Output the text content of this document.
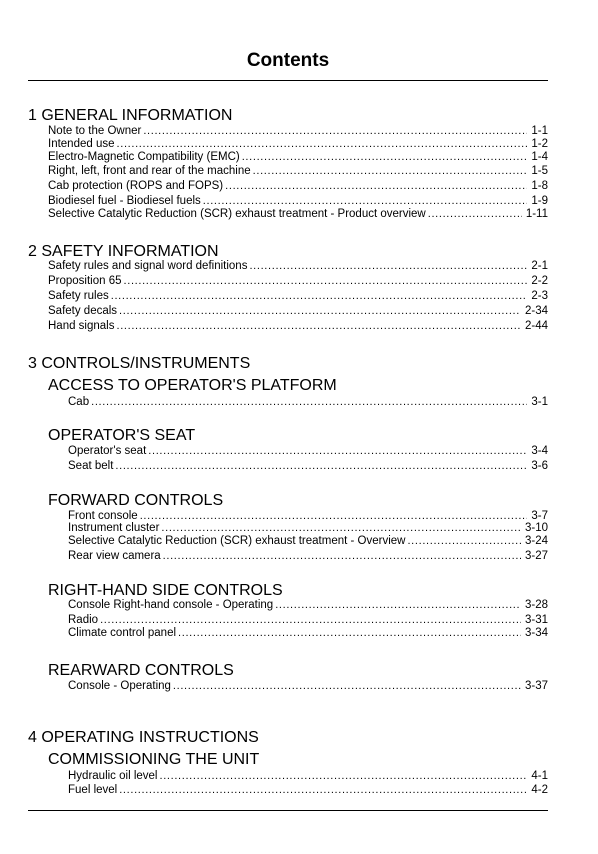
Contents
1 GENERAL INFORMATION
Note to the Owner . . .	1-1
Intended use . . .	1-2
Electro-Magnetic Compatibility (EMC) . . .	1-4
Right, left, front and rear of the machine . . .	1-5
Cab protection (ROPS and FOPS) . . .	1-8
Biodiesel fuel - Biodiesel fuels . . .	1-9
Selective Catalytic Reduction (SCR) exhaust treatment - Product overview . . .	1-11
2 SAFETY INFORMATION
Safety rules and signal word definitions . . .	2-1
Proposition 65 . . .	2-2
Safety rules . . .	2-3
Safety decals . . .	2-34
Hand signals . . .	2-44
3 CONTROLS/INSTRUMENTS
ACCESS TO OPERATOR'S PLATFORM
Cab . . .	3-1
OPERATOR'S SEAT
Operator's seat . . .	3-4
Seat belt . . .	3-6
FORWARD CONTROLS
Front console . . .	3-7
Instrument cluster . . .	3-10
Selective Catalytic Reduction (SCR) exhaust treatment - Overview . . .	3-24
Rear view camera . . .	3-27
RIGHT-HAND SIDE CONTROLS
Console Right-hand console - Operating . . .	3-28
Radio . . .	3-31
Climate control panel . . .	3-34
REARWARD CONTROLS
Console - Operating . . .	3-37
4 OPERATING INSTRUCTIONS
COMMISSIONING THE UNIT
Hydraulic oil level . . .	4-1
Fuel level . . .	4-2
